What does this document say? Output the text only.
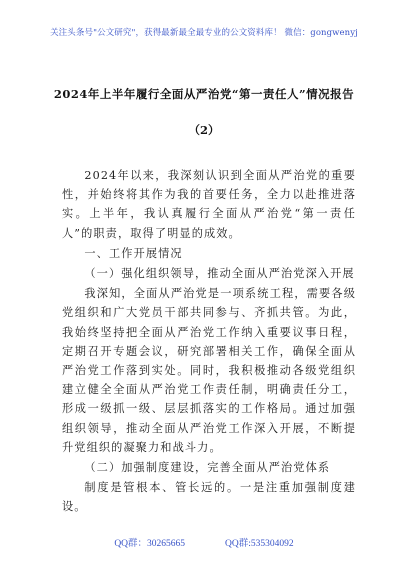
关注头条号"公文研究"，获得最新最全最专业的公文资料库！ 微信：gongwenyj
2024年上半年履行全面从严治党“第一责任人”情况报告
（2）

2024年以来，我深刻认识到全面从严治党的重要性，并始终将其作为我的首要任务，全力以赴推进落实。上半年，我认真履行全面从严治党“第一责任人”的职责，取得了明显的成效。

一、工作开展情况

（一）强化组织领导，推动全面从严治党深入开展

我深知，全面从严治党是一项系统工程，需要各级党组织和广大党员干部共同参与、齐抓共管。为此，我始终坚持把全面从严治党工作纳入重要议事日程，定期召开专题会议，研究部署相关工作，确保全面从严治党工作落到实处。同时，我积极推动各级党组织建立健全全面从严治党工作责任制，明确责任分工，形成一级抓一级、层层抓落实的工作格局。通过加强组织领导，推动全面从严治党工作深入开展，不断提升党组织的凝聚力和战斗力。

（二）加强制度建设，完善全面从严治党体系

制度是管根本、管长远的。一是注重加强制度建设。

QQ群：30265665	QQ群:535304092
